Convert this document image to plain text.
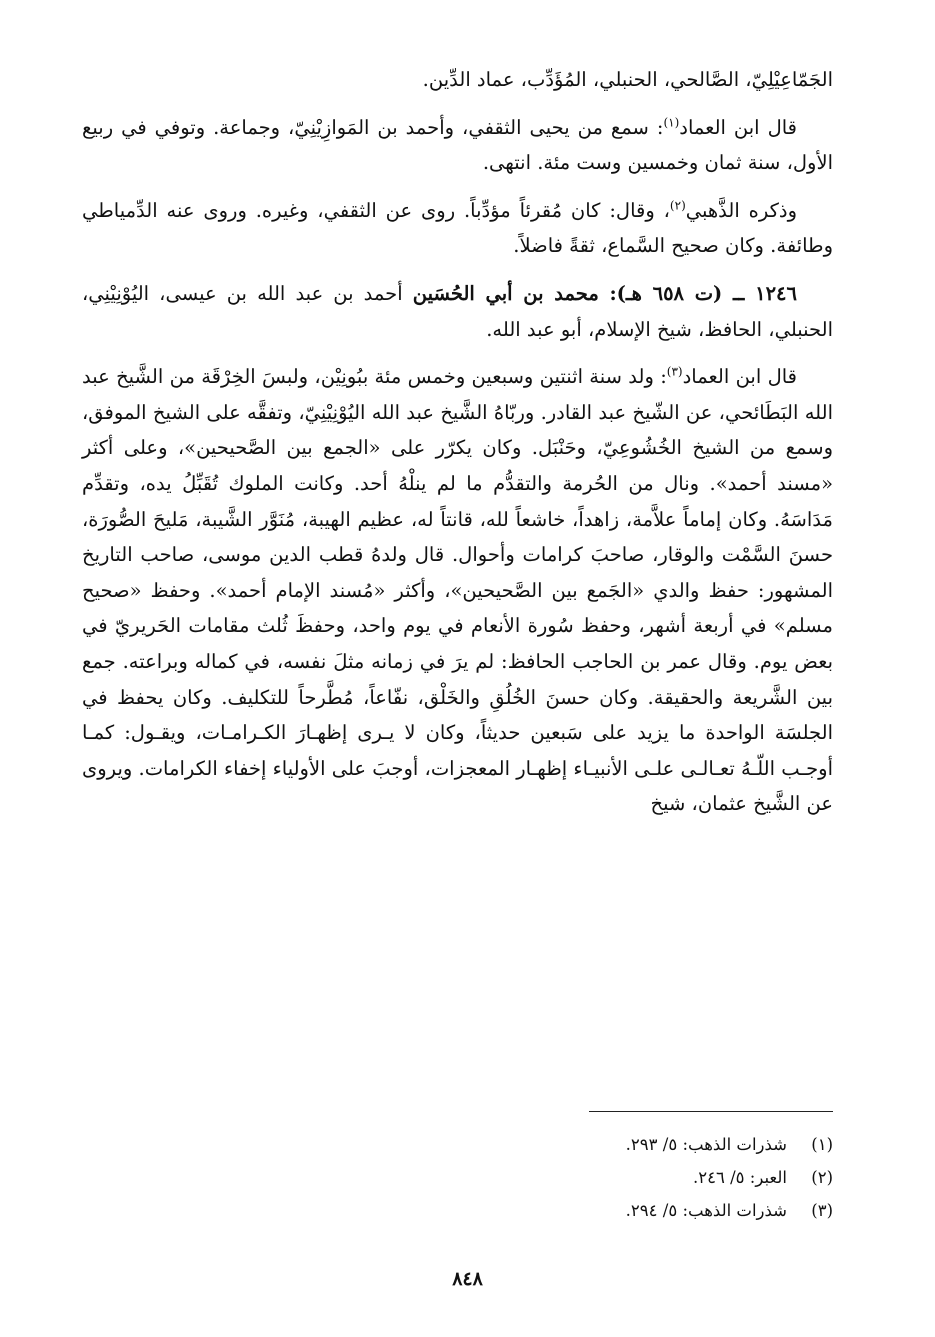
الجَمّاعِيْلِيّ، الصَّالحي، الحنبلي، المُؤَدِّب، عماد الدِّين.

قال ابن العماد$^{(١)}$: سمع من يحيى الثقفي، وأحمد بن المَوازِيْنِيّ، وجماعة. وتوفي في ربيع الأول، سنة ثمان وخمسين وست مئة. انتهى.

وذكره الذَّهبي$^{(٢)}$، وقال: كان مُقرئاً مؤدِّباً. روى عن الثقفي، وغيره. وروى عنه الدِّمياطي وطائفة. وكان صحيح السَّماع، ثقةً فاضلاً.

١٢٤٦ ــ (ت ٦٥٨ هـ): محمد بن أبي الحُسَين أحمد بن عبد الله بن عيسى، اليُوْنِيْنِي، الحنبلي، الحافظ، شيخ الإسلام، أبو عبد الله.

قال ابن العماد$^{(٣)}$: ولد سنة اثنتين وسبعين وخمس مئة ببُونِيْن، ولبسَ الخِرْقَة من الشَّيخ عبد الله البَطَائحي، عن الشّيخ عبد القادر. وربّاهُ الشَّيخ عبد الله اليُوْنِيْنِيّ، وتفقَّه على الشيخ الموفق، وسمع من الشيخ الخُشُوعِيّ، وحَنْبَل. وكان يكرّر على «الجمع بين الصَّحيحين»، وعلى أكثر «مسند أحمد». ونال من الحُرمة والتقدُّم ما لم ينلْهُ أحد. وكانت الملوك تُقَبِّلُ يده، وتقدِّم مَدَاسَهُ. وكان إماماً علاَّمة، زاهداً، خاشعاً لله، قانتاً له، عظيم الهيبة، مُنَوَّر الشَّيبة، مَليحَ الصُّورَة، حسنَ السَّمْت والوقار، صاحبَ كرامات وأحوال. قال ولدهُ قطب الدين موسى، صاحب التاريخ المشهور: حفظ والدي «الجَمع بين الصَّحيحين»، وأكثر «مُسند الإمام أحمد». وحفظ «صحيح مسلم» في أربعة أشهر، وحفظ سُورة الأنعام في يوم واحد، وحفظَ ثُلث مقامات الحَريريّ في بعض يوم. وقال عمر بن الحاجب الحافظ: لم يرَ في زمانه مثلَ نفسه، في كماله وبراعته. جمع بين الشَّريعة والحقيقة. وكان حسنَ الخُلُقِ والخَلْق، نفّاعاً، مُطَّرحاً للتكليف. وكان يحفظ في الجلسَة الواحدة ما يزيد على سَبعين حديثاً، وكان لا يـرى إظهـارَ الكـرامـات، ويقـول: كمـا أوجـب اللّـهُ تعـالـى علـى الأنبيـاء إظهـار المعجزات، أوجبَ على الأولياء إخفاء الكرامات. ويروى عن الشَّيخ عثمان، شيخ

(١)
شذرات الذهب: ٥/ ٢٩٣.
(٢)
العبر: ٥/ ٢٤٦.
(٣)
شذرات الذهب: ٥/ ٢٩٤.
٨٤٨
